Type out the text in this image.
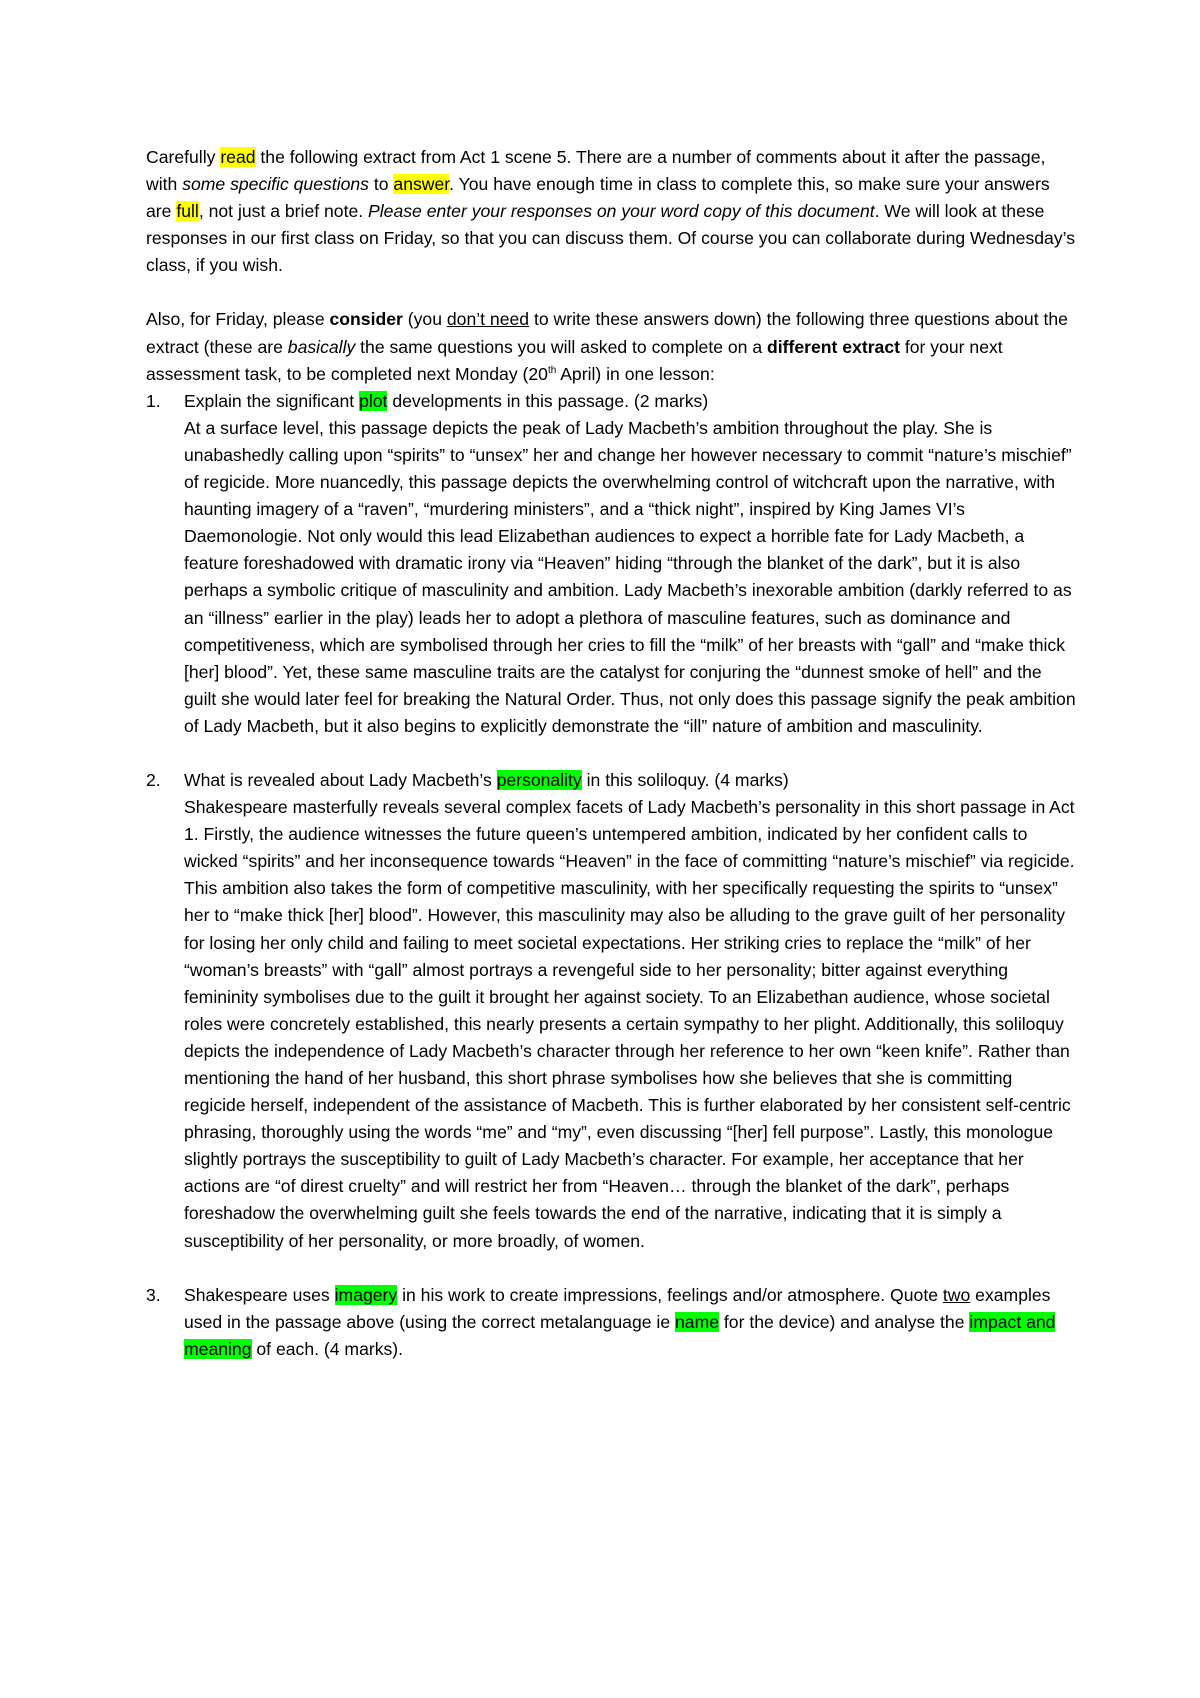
Carefully read the following extract from Act 1 scene 5. There are a number of comments about it after the passage, with some specific questions to answer. You have enough time in class to complete this, so make sure your answers are full, not just a brief note. Please enter your responses on your word copy of this document. We will look at these responses in our first class on Friday, so that you can discuss them. Of course you can collaborate during Wednesday’s class, if you wish.

Also, for Friday, please consider (you don’t need to write these answers down) the following three questions about the extract (these are basically the same questions you will asked to complete on a different extract for your next assessment task, to be completed next Monday (20th April) in one lesson:

1.	Explain the significant plot developments in this passage. (2 marks)

At a surface level, this passage depicts the peak of Lady Macbeth’s ambition throughout the play. She is unabashedly calling upon “spirits” to “unsex” her and change her however necessary to commit “nature’s mischief” of regicide. More nuancedly, this passage depicts the overwhelming control of witchcraft upon the narrative, with haunting imagery of a “raven”, “murdering ministers”, and a “thick night”, inspired by King James VI’s Daemonologie. Not only would this lead Elizabethan audiences to expect a horrible fate for Lady Macbeth, a feature foreshadowed with dramatic irony via “Heaven” hiding “through the blanket of the dark”, but it is also perhaps a symbolic critique of masculinity and ambition. Lady Macbeth’s inexorable ambition (darkly referred to as an “illness” earlier in the play) leads her to adopt a plethora of masculine features, such as dominance and competitiveness, which are symbolised through her cries to fill the “milk” of her breasts with “gall” and “make thick [her] blood”. Yet, these same masculine traits are the catalyst for conjuring the “dunnest smoke of hell” and the guilt she would later feel for breaking the Natural Order. Thus, not only does this passage signify the peak ambition of Lady Macbeth, but it also begins to explicitly demonstrate the “ill” nature of ambition and masculinity.

2.	What is revealed about Lady Macbeth’s personality in this soliloquy. (4 marks)

Shakespeare masterfully reveals several complex facets of Lady Macbeth’s personality in this short passage in Act 1. Firstly, the audience witnesses the future queen’s untempered ambition, indicated by her confident calls to wicked “spirits” and her inconsequence towards “Heaven” in the face of committing “nature’s mischief” via regicide. This ambition also takes the form of competitive masculinity, with her specifically requesting the spirits to “unsex” her to “make thick [her] blood”. However, this masculinity may also be alluding to the grave guilt of her personality for losing her only child and failing to meet societal expectations. Her striking cries to replace the “milk” of her “woman’s breasts” with “gall” almost portrays a revengeful side to her personality; bitter against everything femininity symbolises due to the guilt it brought her against society. To an Elizabethan audience, whose societal roles were concretely established, this nearly presents a certain sympathy to her plight. Additionally, this soliloquy depicts the independence of Lady Macbeth’s character through her reference to her own “keen knife”. Rather than mentioning the hand of her husband, this short phrase symbolises how she believes that she is committing regicide herself, independent of the assistance of Macbeth. This is further elaborated by her consistent self-centric phrasing, thoroughly using the words “me” and “my”, even discussing “[her] fell purpose”. Lastly, this monologue slightly portrays the susceptibility to guilt of Lady Macbeth’s character. For example, her acceptance that her actions are “of direst cruelty” and will restrict her from “Heaven… through the blanket of the dark”, perhaps foreshadow the overwhelming guilt she feels towards the end of the narrative, indicating that it is simply a susceptibility of her personality, or more broadly, of women.

3.	Shakespeare uses imagery in his work to create impressions, feelings and/or atmosphere. Quote two examples used in the passage above (using the correct metalanguage ie name for the device) and analyse the impact and meaning of each. (4 marks).
